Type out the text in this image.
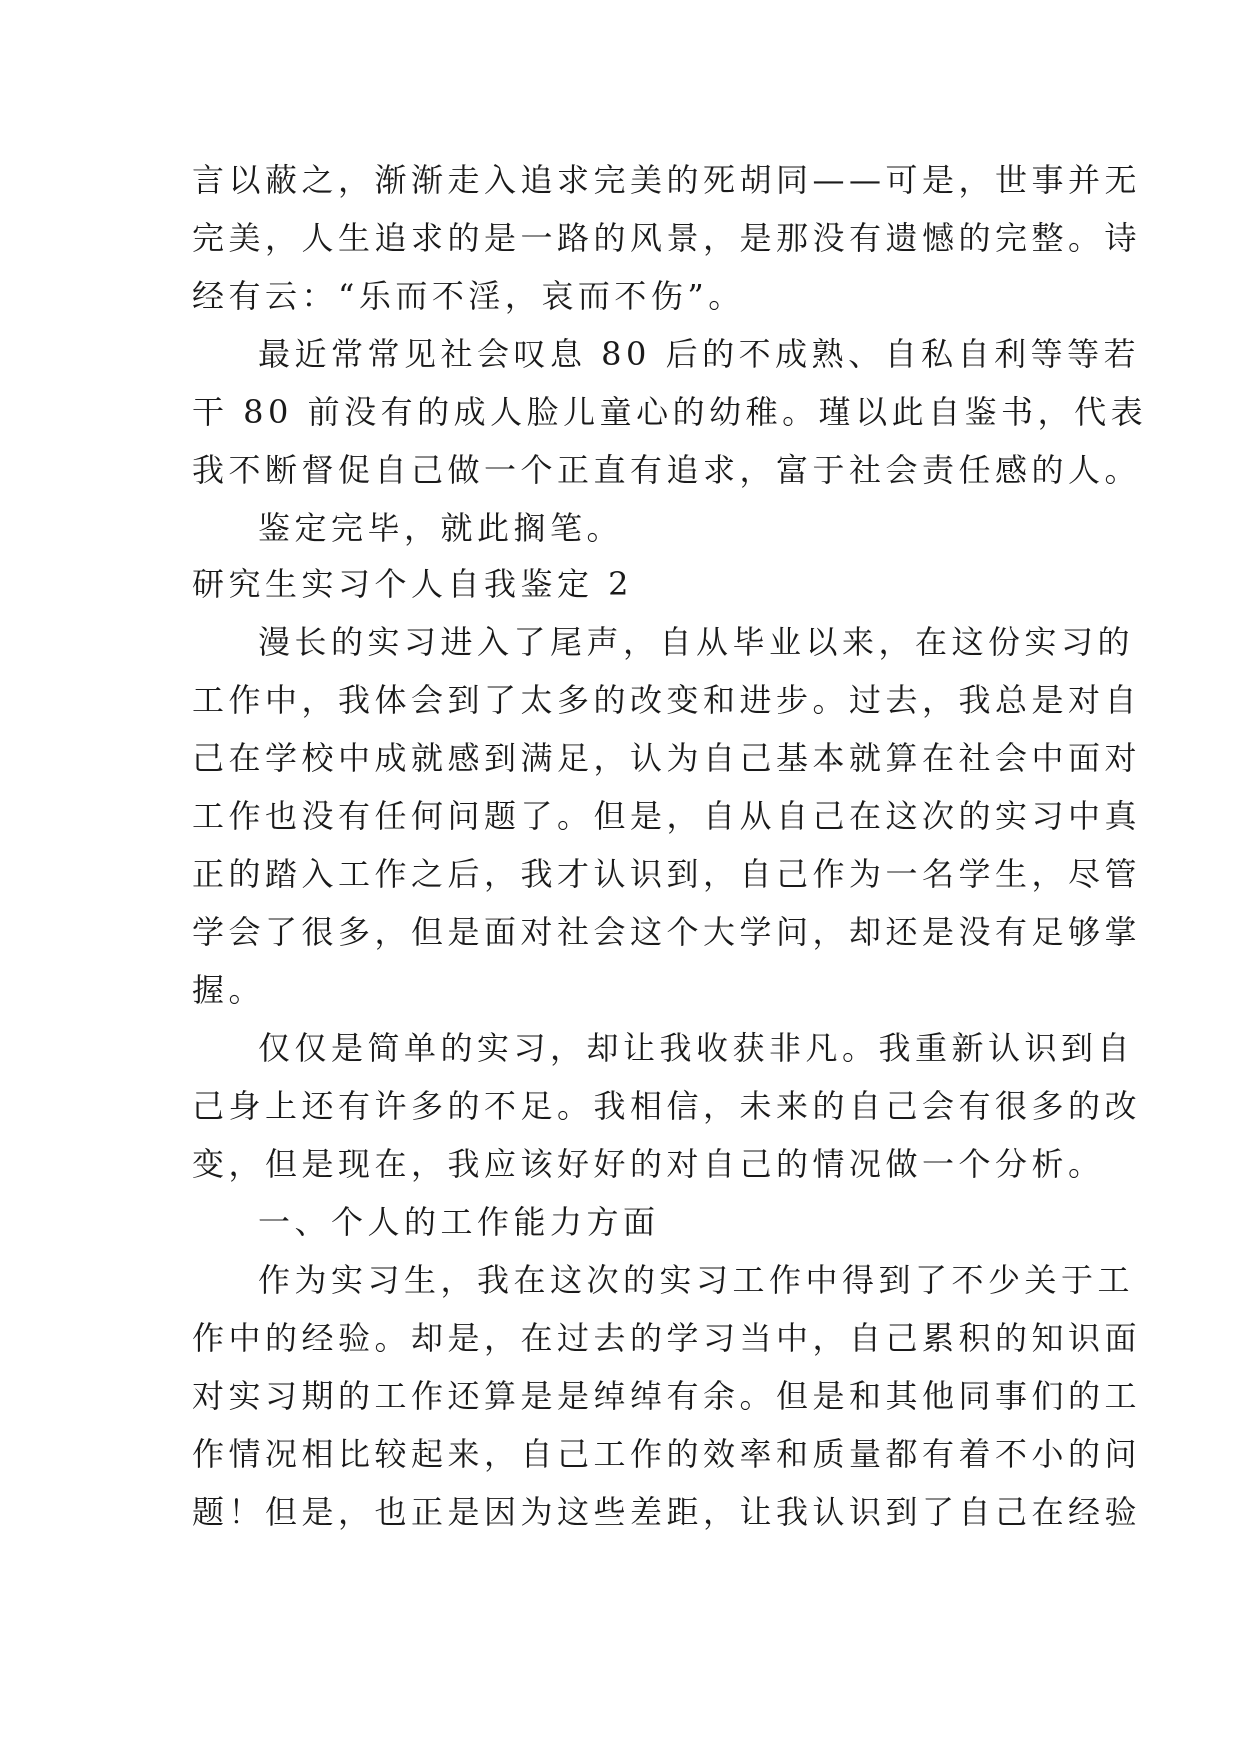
言以蔽之，渐渐走入追求完美的死胡同——可是，世事并无
完美，人生追求的是一路的风景，是那没有遗憾的完整。诗
经有云：“乐而不淫，哀而不伤”。
最近常常见社会叹息 80 后的不成熟、自私自利等等若
干 80 前没有的成人脸儿童心的幼稚。瑾以此自鉴书，代表
我不断督促自己做一个正直有追求，富于社会责任感的人。
鉴定完毕，就此搁笔。
研究生实习个人自我鉴定 2
漫长的实习进入了尾声，自从毕业以来，在这份实习的
工作中，我体会到了太多的改变和进步。过去，我总是对自
己在学校中成就感到满足，认为自己基本就算在社会中面对
工作也没有任何问题了。但是，自从自己在这次的实习中真
正的踏入工作之后，我才认识到，自己作为一名学生，尽管
学会了很多，但是面对社会这个大学问，却还是没有足够掌
握。
仅仅是简单的实习，却让我收获非凡。我重新认识到自
己身上还有许多的不足。我相信，未来的自己会有很多的改
变，但是现在，我应该好好的对自己的情况做一个分析。
一、个人的工作能力方面
作为实习生，我在这次的实习工作中得到了不少关于工
作中的经验。却是，在过去的学习当中，自己累积的知识面
对实习期的工作还算是是绰绰有余。但是和其他同事们的工
作情况相比较起来，自己工作的效率和质量都有着不小的问
题！但是，也正是因为这些差距，让我认识到了自己在经验
